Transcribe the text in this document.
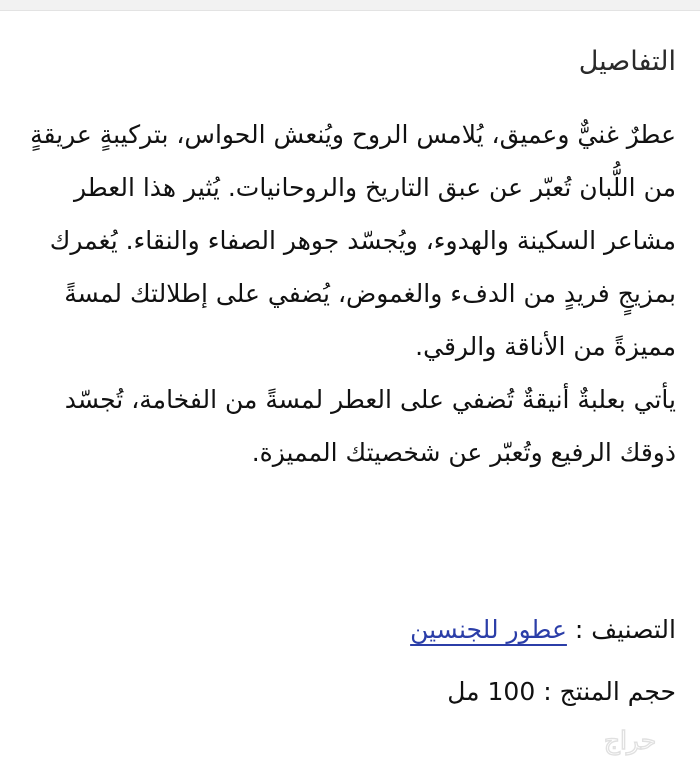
التفاصيل

عطرٌ غنيٌّ وعميق، يُلامس الروح ويُنعش الحواس، بتركيبةٍ عريقةٍ من اللُّبان تُعبّر عن عبق التاريخ والروحانيات. يُثير هذا العطر مشاعر السكينة والهدوء، ويُجسّد جوهر الصفاء والنقاء. يُغمرك بمزيجٍ فريدٍ من الدفء والغموض، يُضفي على إطلالتك لمسةً مميزةً من الأناقة والرقي.

يأتي بعلبةٌ أنيقةٌ تُضفي على العطر لمسةً من الفخامة، تُجسّد ذوقك الرفيع وتُعبّر عن شخصيتك المميزة.

التصنيف : عطور للجنسين
حجم المنتج : 100 مل
حراج
